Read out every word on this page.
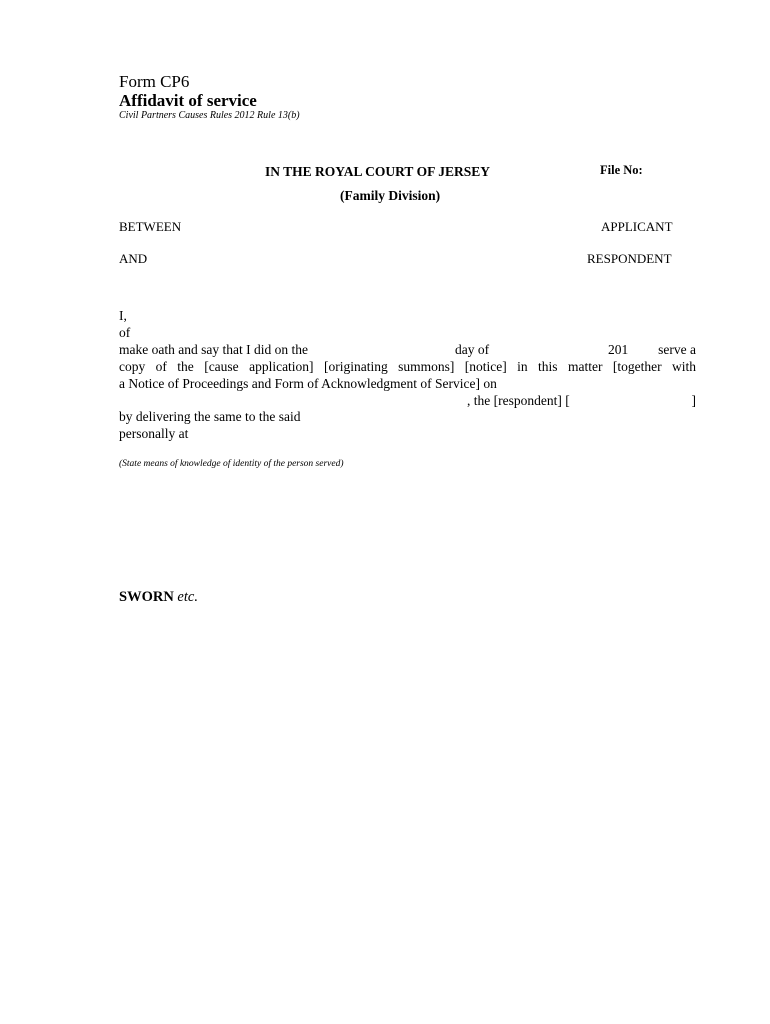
Form CP6
Affidavit of service
Civil Partners Causes Rules 2012 Rule 13(b)
IN THE ROYAL COURT OF JERSEY	File No:
(Family Division)
BETWEEN	APPLICANT
AND	RESPONDENT
I,
of
make oath and say that I did on the	day of	201 serve a
copy of the [cause application] [originating summons] [notice] in this matter [together with
a Notice of Proceedings and Form of Acknowledgment of Service] on
, the [respondent] [	]
by delivering the same to the said
personally at
(State means of knowledge of identity of the person served)
SWORN etc.
